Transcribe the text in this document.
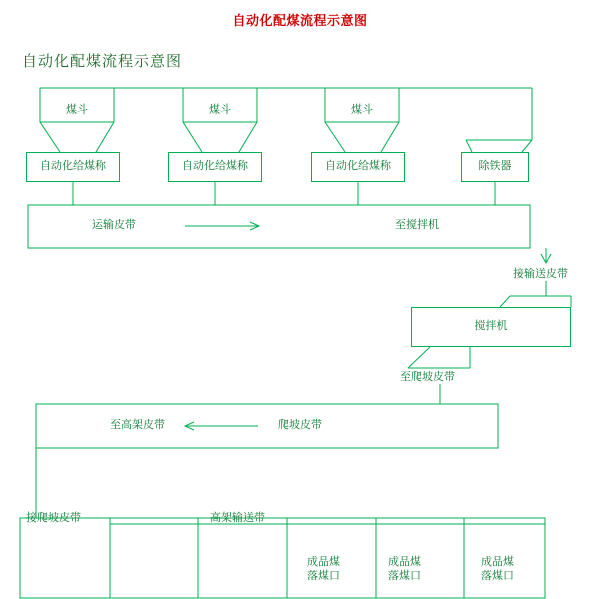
自动化配煤流程示意图
自动化配煤流程示意图
煤斗	煤斗	煤斗
自动化给煤称	自动化给煤称	自动化给煤称	除铁器
搅拌机
运输皮带	至搅拌机
接输送皮带
至爬坡皮带
至高架皮带	爬坡皮带
接爬坡皮带	高架输送带
成品煤
落煤口
成品煤
落煤口
成品煤
落煤口
